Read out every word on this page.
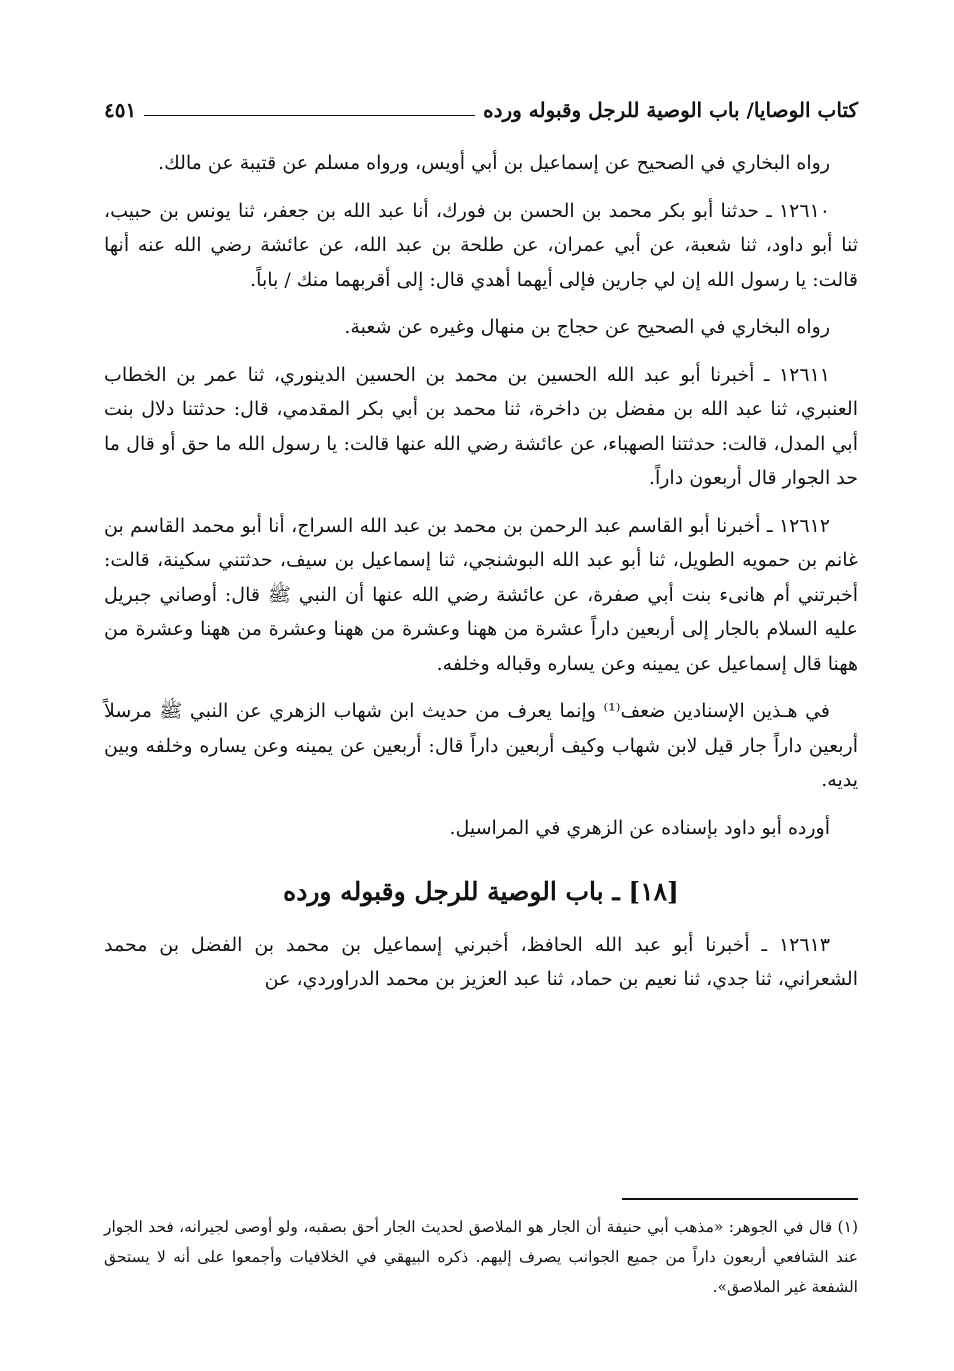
كتاب الوصايا/ باب الوصية للرجل وقبوله ورده
٤٥١

رواه البخاري في الصحيح عن إسماعيل بن أبي أويس، ورواه مسلم عن قتيبة عن مالك.

١٢٦١٠ ـ حدثنا أبو بكر محمد بن الحسن بن فورك، أنا عبد الله بن جعفر، ثنا يونس بن حبيب، ثنا أبو داود، ثنا شعبة، عن أبي عمران، عن طلحة بن عبد الله، عن عائشة رضي الله عنه أنها قالت: يا رسول الله إن لي جارين فإلى أيهما أهدي قال: إلى أقربهما منك / باباً.

رواه البخاري في الصحيح عن حجاج بن منهال وغيره عن شعبة.

١٢٦١١ ـ أخبرنا أبو عبد الله الحسين بن محمد بن الحسين الدينوري، ثنا عمر بن الخطاب العنبري، ثنا عبد الله بن مفضل بن داخرة، ثنا محمد بن أبي بكر المقدمي، قال: حدثتنا دلال بنت أبي المدل، قالت: حدثتنا الصهباء، عن عائشة رضي الله عنها قالت: يا رسول الله ما حق أو قال ما حد الجوار قال أربعون داراً.

١٢٦١٢ ـ أخبرنا أبو القاسم عبد الرحمن بن محمد بن عبد الله السراج، أنا أبو محمد القاسم بن غانم بن حمويه الطويل، ثنا أبو عبد الله البوشنجي، ثنا إسماعيل بن سيف، حدثتني سكينة، قالت: أخبرتني أم هانىء بنت أبي صفرة، عن عائشة رضي الله عنها أن النبي ﷺ قال: أوصاني جبريل عليه السلام بالجار إلى أربعين داراً عشرة من ههنا وعشرة من ههنا وعشرة من ههنا وعشرة من ههنا قال إسماعيل عن يمينه وعن يساره وقباله وخلفه.

في هـذين الإسنادين ضعف⁽¹⁾ وإنما يعرف من حديث ابن شهاب الزهري عن النبي ﷺ مرسلاً أربعين داراً جار قيل لابن شهاب وكيف أربعين داراً قال: أربعين عن يمينه وعن يساره وخلفه وبين يديه.

أورده أبو داود بإسناده عن الزهري في المراسيل.

[١٨] ـ باب الوصية للرجل وقبوله ورده

١٢٦١٣ ـ أخبرنا أبو عبد الله الحافظ، أخبرني إسماعيل بن محمد بن الفضل بن محمد الشعراني، ثنا جدي، ثنا نعيم بن حماد، ثنا عبد العزيز بن محمد الدراوردي، عن

(١) قال في الجوهر: «مذهب أبي حنيفة أن الجار هو الملاصق لحديث الجار أحق بصقبه، ولو أوصى لجيرانه، فحد الجوار عند الشافعي أربعون داراً من جميع الجوانب يصرف إليهم. ذكره البيهقي في الخلافيات وأجمعوا على أنه لا يستحق الشفعة غير الملاصق».
